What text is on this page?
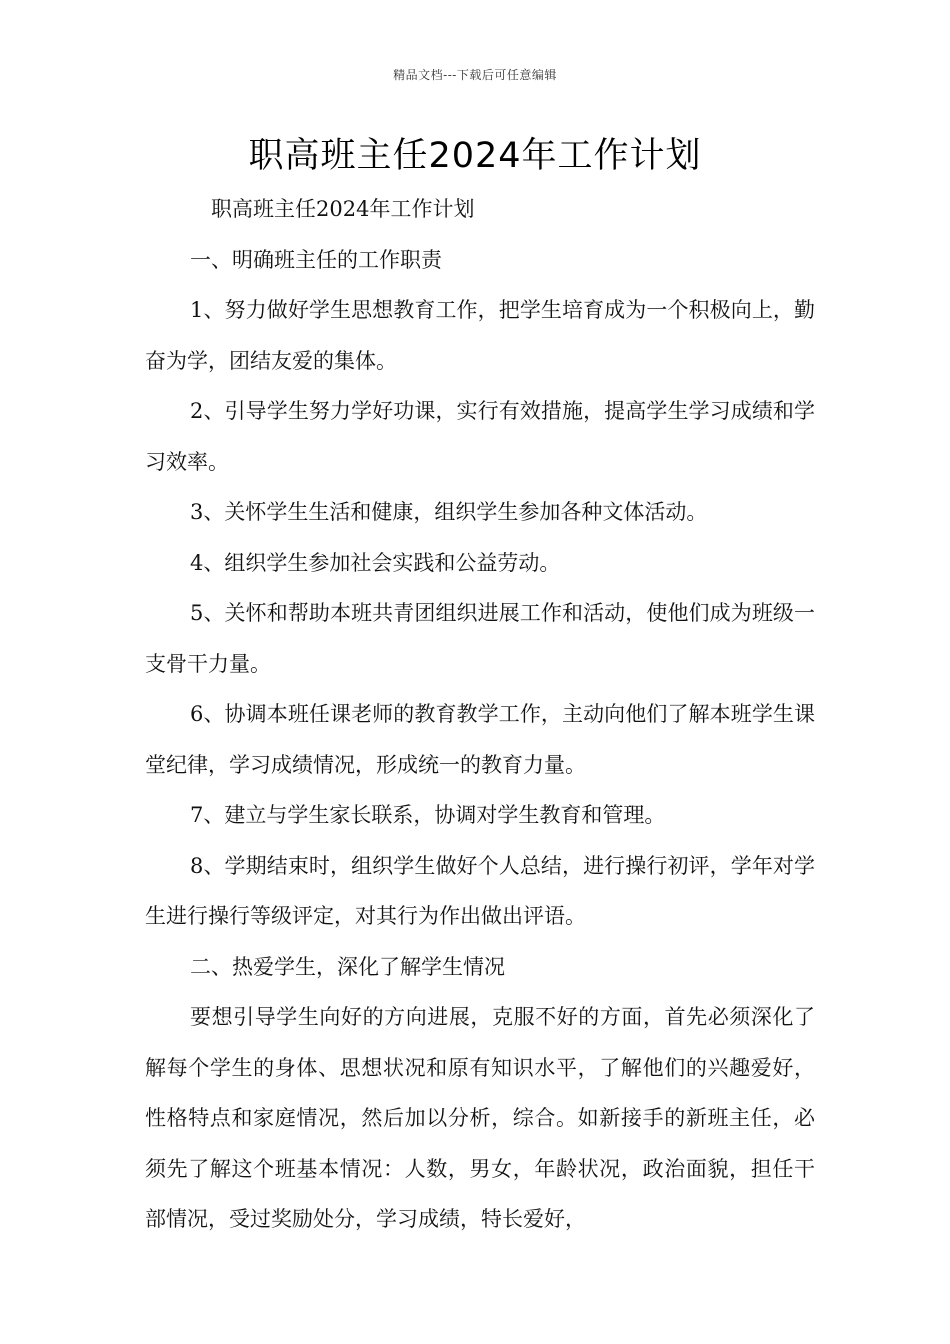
精品文档---下载后可任意编辑
职高班主任2024年工作计划

职高班主任2024年工作计划

一、明确班主任的工作职责

1、努力做好学生思想教育工作，把学生培育成为一个积极向上，勤奋为学，团结友爱的集体。

2、引导学生努力学好功课，实行有效措施，提高学生学习成绩和学习效率。

3、关怀学生生活和健康，组织学生参加各种文体活动。

4、组织学生参加社会实践和公益劳动。

5、关怀和帮助本班共青团组织进展工作和活动，使他们成为班级一支骨干力量。

6、协调本班任课老师的教育教学工作，主动向他们了解本班学生课堂纪律，学习成绩情况，形成统一的教育力量。

7、建立与学生家长联系，协调对学生教育和管理。

8、学期结束时，组织学生做好个人总结，进行操行初评，学年对学生进行操行等级评定，对其行为作出做出评语。

二、热爱学生，深化了解学生情况

要想引导学生向好的方向进展，克服不好的方面，首先必须深化了解每个学生的身体、思想状况和原有知识水平，了解他们的兴趣爱好，性格特点和家庭情况，然后加以分析，综合。如新接手的新班主任，必须先了解这个班基本情况：人数，男女，年龄状况，政治面貌，担任干部情况，受过奖励处分，学习成绩，特长爱好，
